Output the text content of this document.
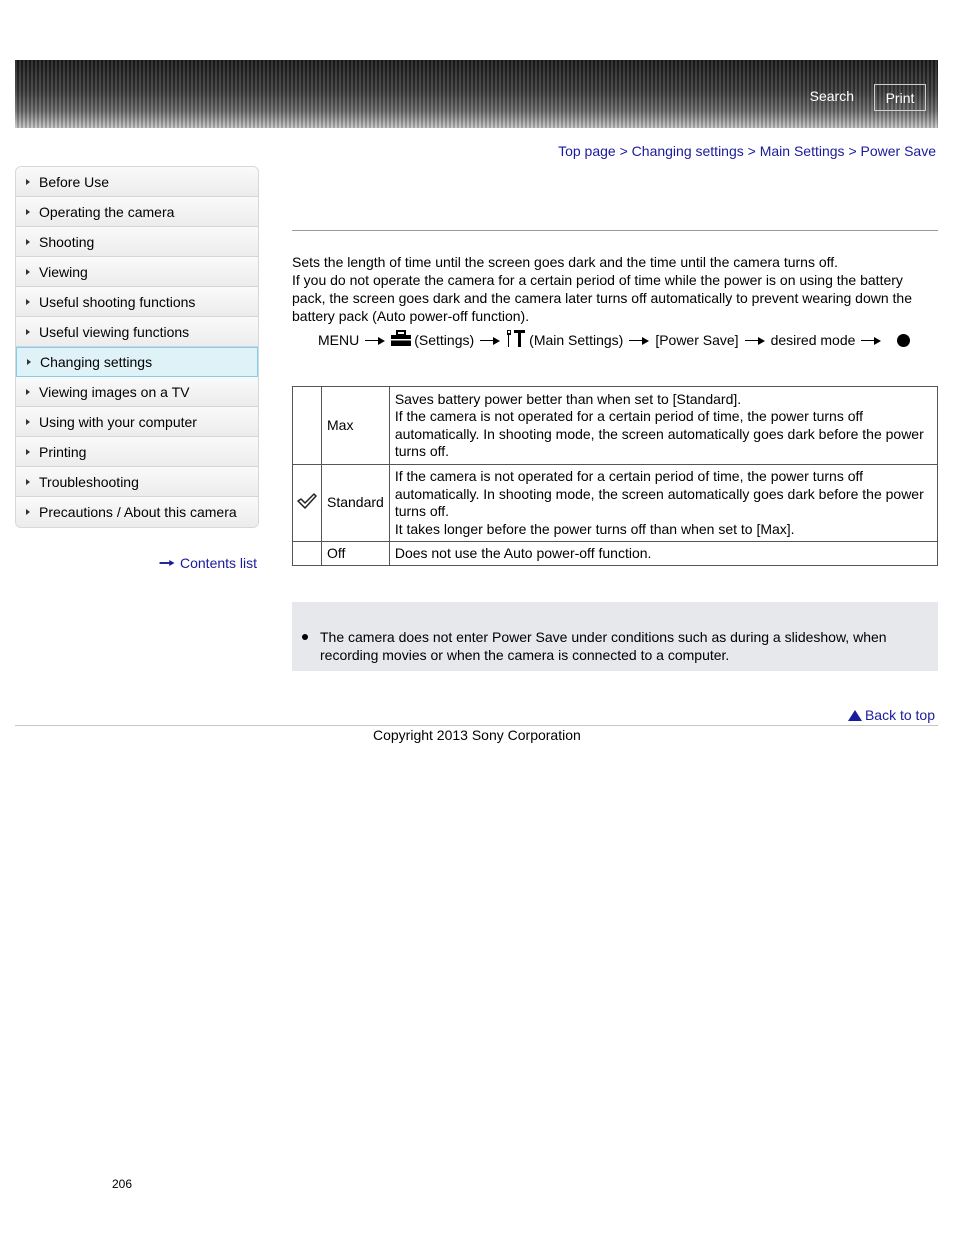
Search	Print
Top page > Changing settings > Main Settings > Power Save
Before Use
Operating the camera
Shooting
Viewing
Useful shooting functions
Useful viewing functions
Changing settings
Viewing images on a TV
Using with your computer
Printing
Troubleshooting
Precautions / About this camera
Contents list

Sets the length of time until the screen goes dark and the time until the camera turns off.

If you do not operate the camera for a certain period of time while the power is on using the battery pack, the screen goes dark and the camera later turns off automatically to prevent wearing down the battery pack (Auto power-off function).

MENU	(Settings)	(Main Settings) [Power Save] desired mode
	Max	Saves battery power better than when set to [Standard].
If the camera is not operated for a certain period of time, the power turns off automatically. In shooting mode, the screen automatically goes dark before the power turns off.

	Standard	If the camera is not operated for a certain period of time, the power turns off automatically. In shooting mode, the screen automatically goes dark before the power turns off.
It takes longer before the power turns off than when set to [Max].

	Off	Does not use the Auto power-off function.
The camera does not enter Power Save under conditions such as during a slideshow, when recording movies or when the camera is connected to a computer.
Back to top
Copyright 2013 Sony Corporation
206
